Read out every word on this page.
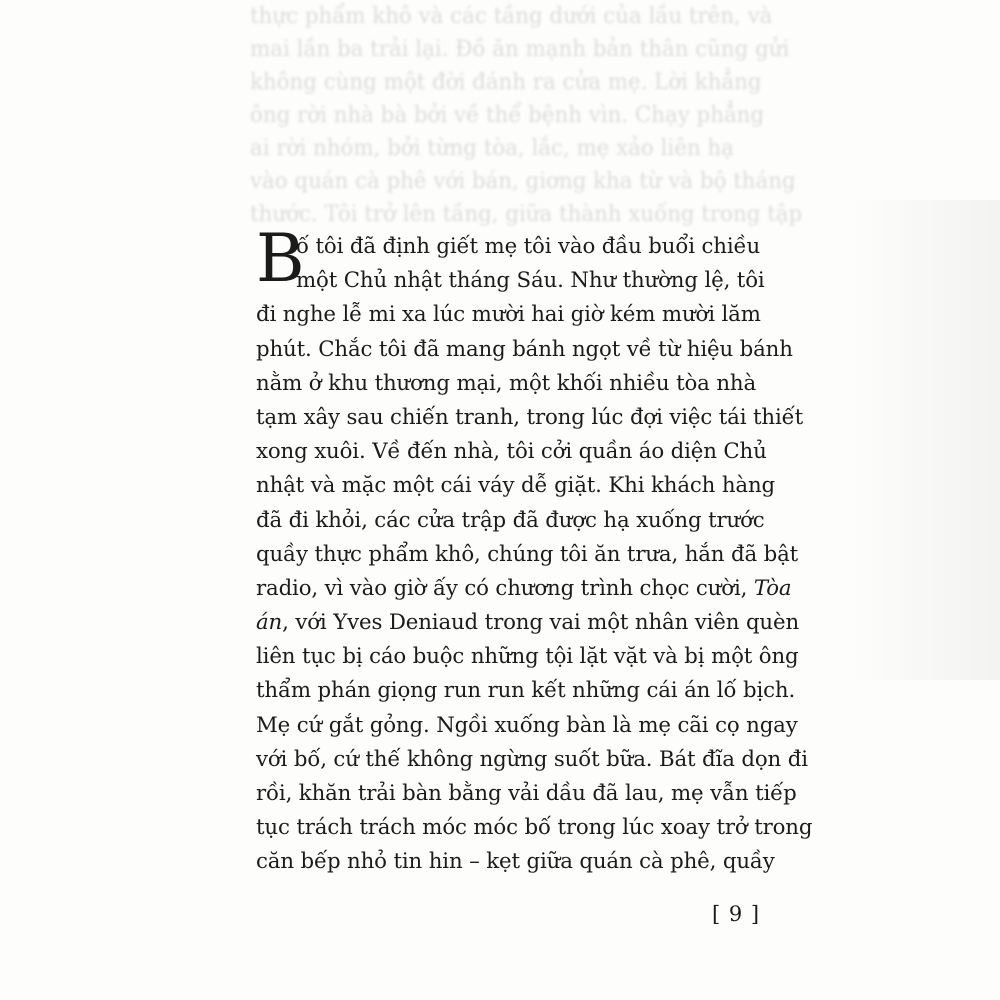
thực phẩm khô và các tầng dưới của lầu trên, và
mai lần ba trải lại. Đồ ăn mạnh bản thân cũng gửi
không cùng một đời đánh ra cửa mẹ. Lời khẳng
ông rời nhà bà bởi về thể bệnh vìn. Chạy phẳng
ai rời nhóm, bởi từng tòa, lắc, mẹ xảo liên hạ
vào quán cà phê với bán, giơng kha từ và bộ tháng
thước. Tôi trở lên tầng, giữa thành xuống trong tập
B
ố tôi đã định giết mẹ tôi vào đầu buổi chiều
một Chủ nhật tháng Sáu. Như thường lệ, tôi
đi nghe lễ mi xa lúc mười hai giờ kém mười lăm
phút. Chắc tôi đã mang bánh ngọt về từ hiệu bánh
nằm ở khu thương mại, một khối nhiều tòa nhà
tạm xây sau chiến tranh, trong lúc đợi việc tái thiết
xong xuôi. Về đến nhà, tôi cởi quần áo diện Chủ
nhật và mặc một cái váy dễ giặt. Khi khách hàng
đã đi khỏi, các cửa trập đã được hạ xuống trước
quầy thực phẩm khô, chúng tôi ăn trưa, hắn đã bật
radio, vì vào giờ ấy có chương trình chọc cười, Tòa
án, với Yves Deniaud trong vai một nhân viên quèn
liên tục bị cáo buộc những tội lặt vặt và bị một ông
thẩm phán giọng run run kết những cái án lố bịch.
Mẹ cứ gắt gỏng. Ngồi xuống bàn là mẹ cãi cọ ngay
với bố, cứ thế không ngừng suốt bữa. Bát đĩa dọn đi
rồi, khăn trải bàn bằng vải dầu đã lau, mẹ vẫn tiếp
tục trách trách móc móc bố trong lúc xoay trở trong
căn bếp nhỏ tin hin – kẹt giữa quán cà phê, quầy
[ 9 ]
